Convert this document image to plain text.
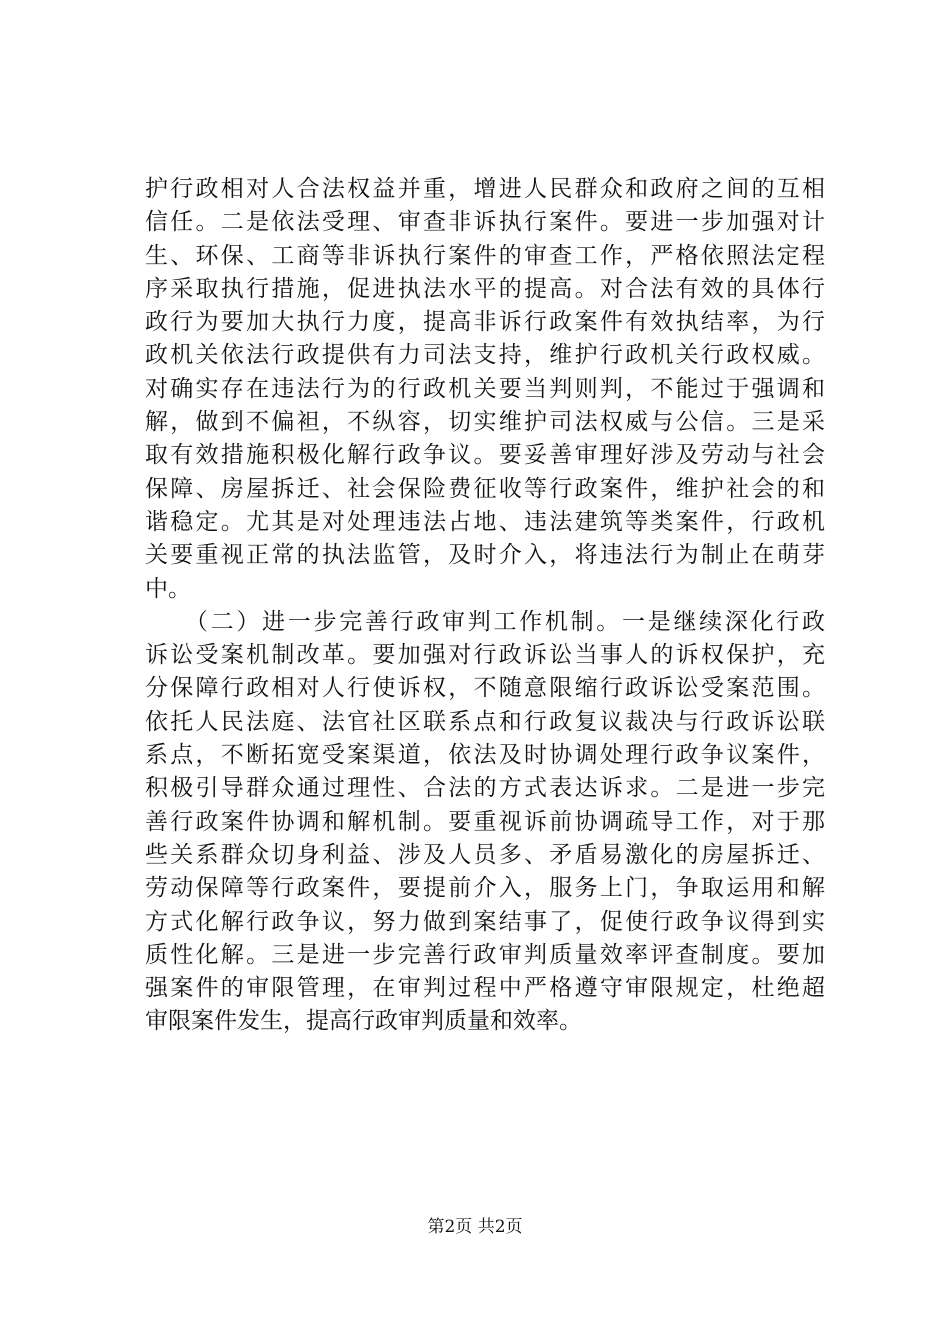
护行政相对人合法权益并重，增进人民群众和政府之间的互相
信任。二是依法受理、审查非诉执行案件。要进一步加强对计
生、环保、工商等非诉执行案件的审查工作，严格依照法定程
序采取执行措施，促进执法水平的提高。对合法有效的具体行
政行为要加大执行力度，提高非诉行政案件有效执结率，为行
政机关依法行政提供有力司法支持，维护行政机关行政权威。
对确实存在违法行为的行政机关要当判则判，不能过于强调和
解，做到不偏袒，不纵容，切实维护司法权威与公信。三是采
取有效措施积极化解行政争议。要妥善审理好涉及劳动与社会
保障、房屋拆迁、社会保险费征收等行政案件，维护社会的和
谐稳定。尤其是对处理违法占地、违法建筑等类案件，行政机
关要重视正常的执法监管，及时介入，将违法行为制止在萌芽
中。
　　（二）进一步完善行政审判工作机制。一是继续深化行政
诉讼受案机制改革。要加强对行政诉讼当事人的诉权保护，充
分保障行政相对人行使诉权，不随意限缩行政诉讼受案范围。
依托人民法庭、法官社区联系点和行政复议裁决与行政诉讼联
系点，不断拓宽受案渠道，依法及时协调处理行政争议案件，
积极引导群众通过理性、合法的方式表达诉求。二是进一步完
善行政案件协调和解机制。要重视诉前协调疏导工作，对于那
些关系群众切身利益、涉及人员多、矛盾易激化的房屋拆迁、
劳动保障等行政案件，要提前介入，服务上门，争取运用和解
方式化解行政争议，努力做到案结事了，促使行政争议得到实
质性化解。三是进一步完善行政审判质量效率评查制度。要加
强案件的审限管理，在审判过程中严格遵守审限规定，杜绝超
审限案件发生，提高行政审判质量和效率。
第2页 共2页
